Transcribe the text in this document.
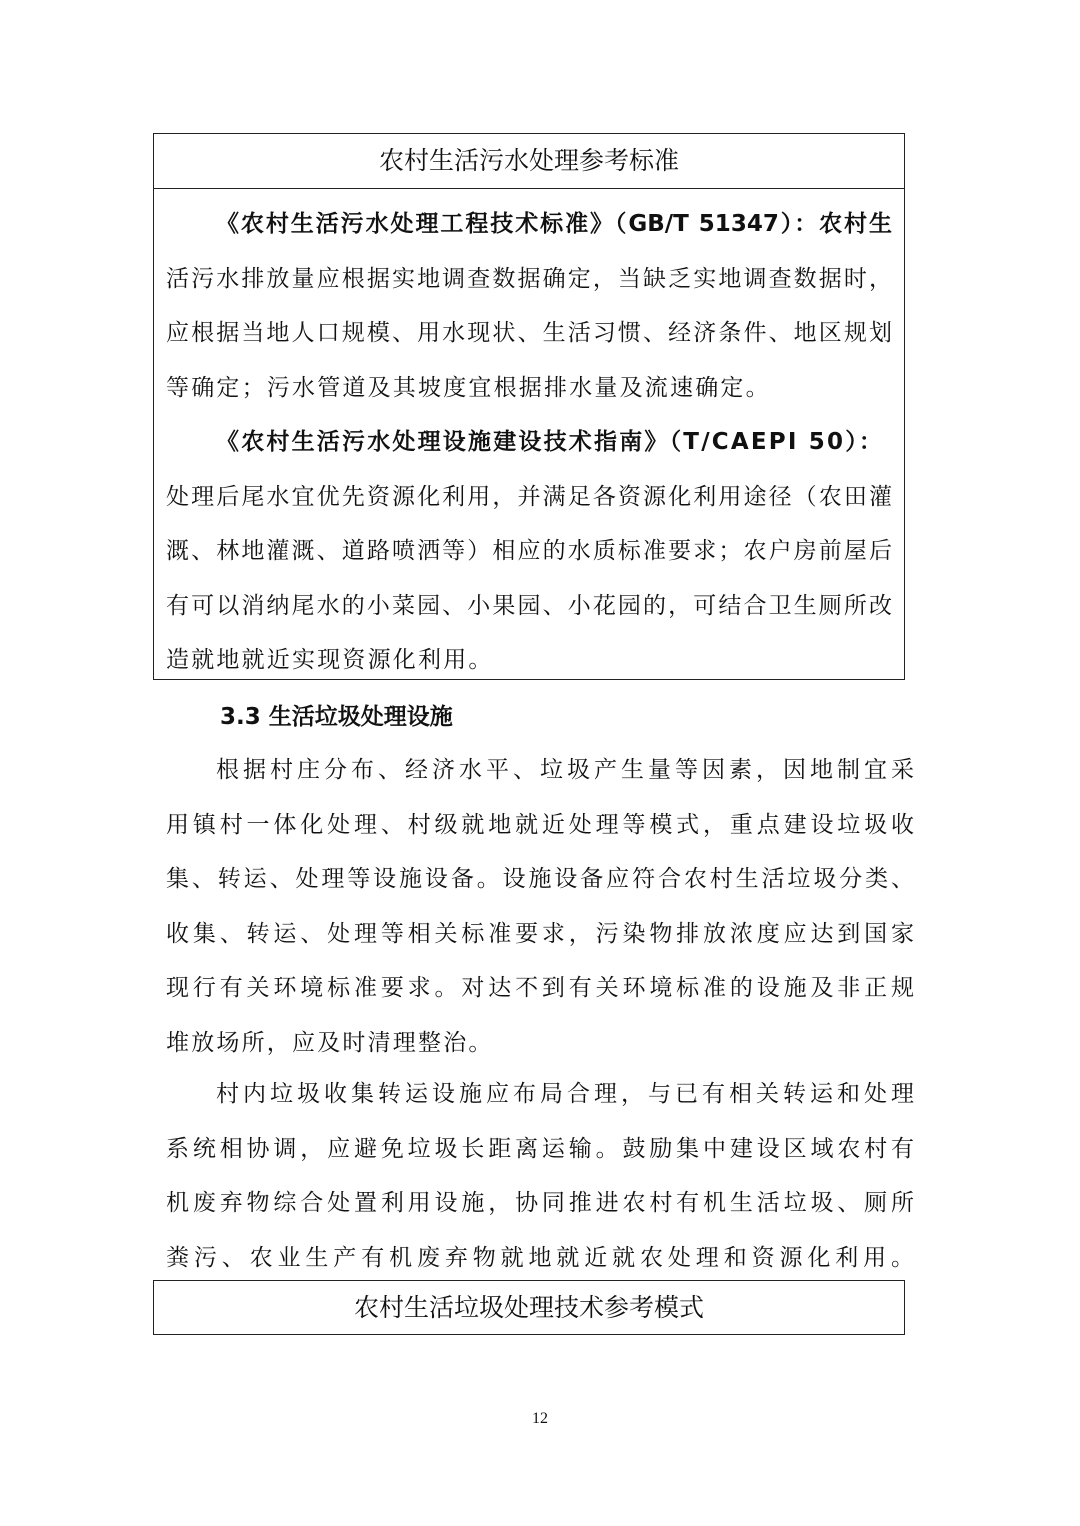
农村生活污水处理参考标准
《农村生活污水处理工程技术标准》（GB/T 51347）：农村生
活污水排放量应根据实地调查数据确定，当缺乏实地调查数据时，
应根据当地人口规模、用水现状、生活习惯、经济条件、地区规划
等确定；污水管道及其坡度宜根据排水量及流速确定。
《农村生活污水处理设施建设技术指南》（T/CAEPI 50）：
处理后尾水宜优先资源化利用，并满足各资源化利用途径（农田灌
溉、林地灌溉、道路喷洒等）相应的水质标准要求；农户房前屋后
有可以消纳尾水的小菜园、小果园、小花园的，可结合卫生厕所改
造就地就近实现资源化利用。
3.3 生活垃圾处理设施
根据村庄分布、经济水平、垃圾产生量等因素，因地制宜采
用镇村一体化处理、村级就地就近处理等模式，重点建设垃圾收
集、转运、处理等设施设备。设施设备应符合农村生活垃圾分类、
收集、转运、处理等相关标准要求，污染物排放浓度应达到国家
现行有关环境标准要求。对达不到有关环境标准的设施及非正规
堆放场所，应及时清理整治。
村内垃圾收集转运设施应布局合理，与已有相关转运和处理
系统相协调，应避免垃圾长距离运输。鼓励集中建设区域农村有
机废弃物综合处置利用设施，协同推进农村有机生活垃圾、厕所
粪污、农业生产有机废弃物就地就近就农处理和资源化利用。
农村生活垃圾处理技术参考模式
12
